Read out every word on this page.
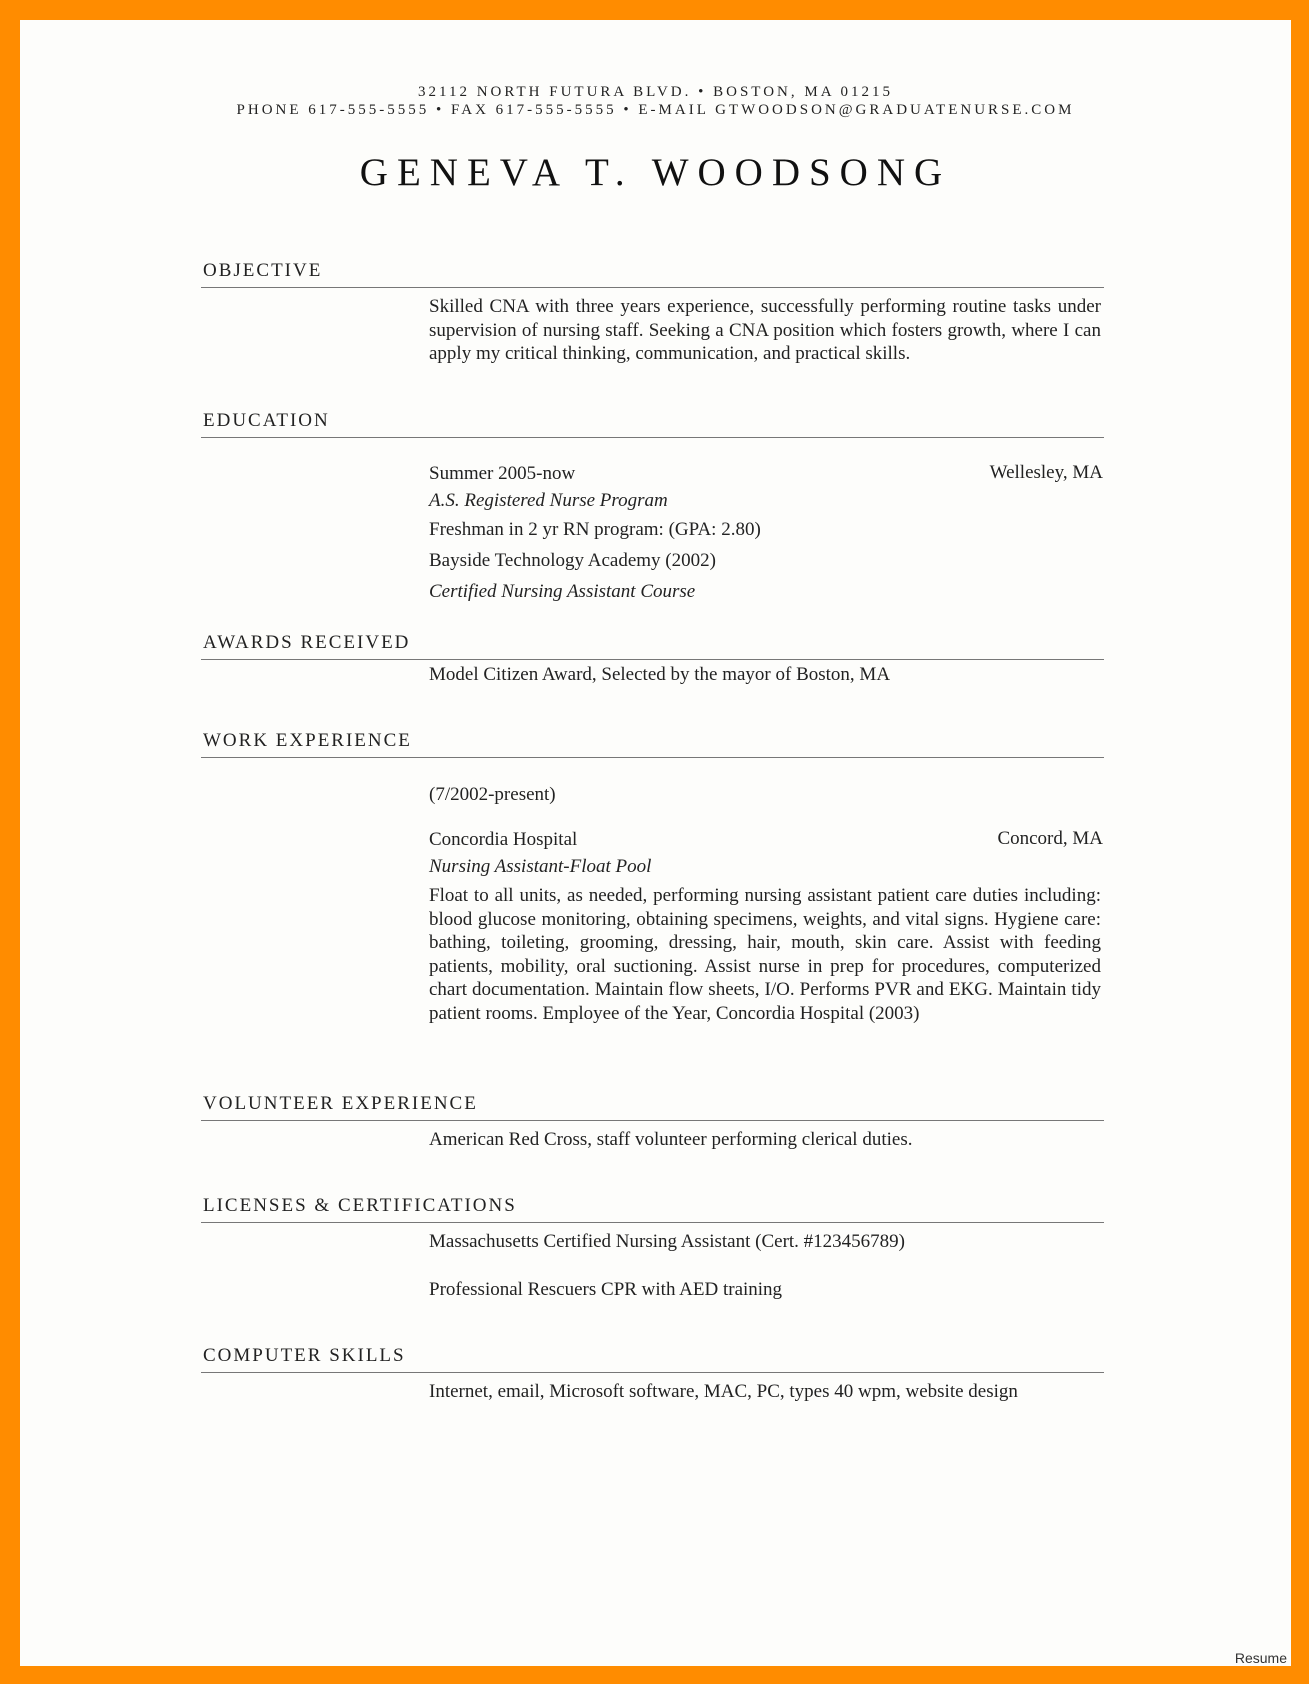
32112 NORTH FUTURA BLVD. • BOSTON, MA 01215
PHONE 617-555-5555 • FAX 617-555-5555 • E-MAIL GTWOODSON@GRADUATENURSE.COM
GENEVA T. WOODSONG
OBJECTIVE
Skilled CNA with three years experience, successfully performing routine tasks under supervision of nursing staff. Seeking a CNA position which fosters growth, where I can apply my critical thinking, communication, and practical skills.
EDUCATION
Summer 2005-now	Wellesley, MA
A.S. Registered Nurse Program
Freshman in 2 yr RN program: (GPA: 2.80)
Bayside Technology Academy (2002)
Certified Nursing Assistant Course
AWARDS RECEIVED
Model Citizen Award, Selected by the mayor of Boston, MA
WORK EXPERIENCE
(7/2002-present)
Concordia Hospital	Concord, MA
Nursing Assistant-Float Pool
Float to all units, as needed, performing nursing assistant patient care duties including: blood glucose monitoring, obtaining specimens, weights, and vital signs. Hygiene care: bathing, toileting, grooming, dressing, hair, mouth, skin care. Assist with feeding patients, mobility, oral suctioning. Assist nurse in prep for procedures, computerized chart documentation. Maintain flow sheets, I/O. Performs PVR and EKG. Maintain tidy patient rooms. Employee of the Year, Concordia Hospital (2003)
VOLUNTEER EXPERIENCE
American Red Cross, staff volunteer performing clerical duties.
LICENSES & CERTIFICATIONS
Massachusetts Certified Nursing Assistant (Cert. #123456789)
Professional Rescuers CPR with AED training
COMPUTER SKILLS
Internet, email, Microsoft software, MAC, PC, types 40 wpm, website design
Resume
